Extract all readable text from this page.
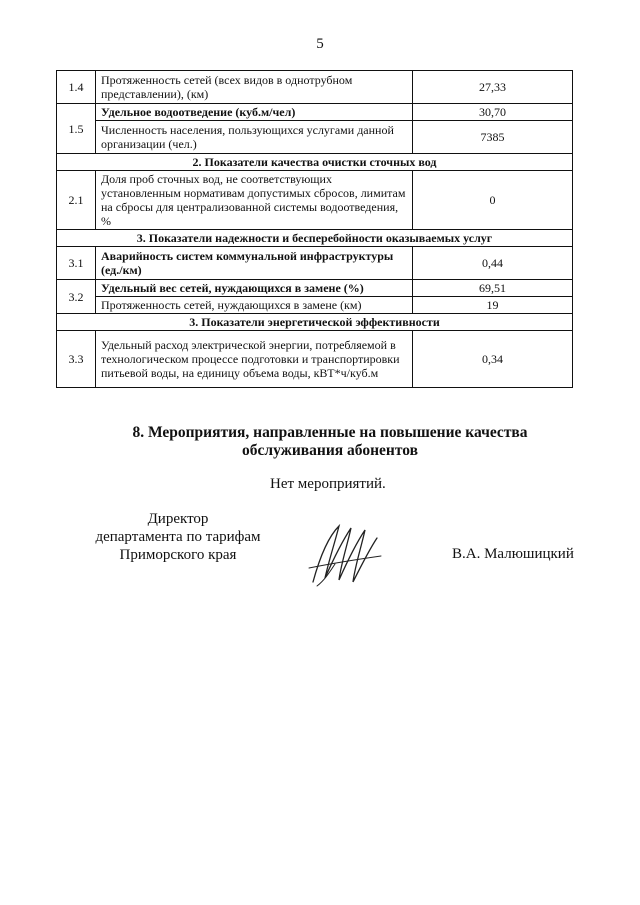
5
1.4	Протяженность сетей (всех видов в однотрубном представлении), (км)	27,33
1.5	Удельное водоотведение (куб.м/чел)	30,70
	Численность населения, пользующихся услугами данной организации (чел.)	7385
2. Показатели качества очистки сточных вод		
2.1	Доля проб сточных вод, не соответствующих установленным нормативам допустимых сбросов, лимитам на сбросы для централизованной системы водоотведения, %	0
3. Показатели надежности и бесперебойности оказываемых услуг		
3.1	Аварийность систем коммунальной инфраструктуры (ед./км)	0,44
3.2	Удельный вес сетей, нуждающихся в замене (%)	69,51
	Протяженность сетей, нуждающихся в замене (км)	19
3. Показатели энергетической эффективности		
3.3	Удельный расход электрической энергии, потребляемой в технологическом процессе подготовки и транспортировки питьевой воды, на единицу объема воды, кВТ*ч/куб.м	0,34
8. Мероприятия, направленные на повышение качества
обслуживания абонентов
Нет мероприятий.
Директор
департамента по тарифам
Приморского края	В.А. Малюшицкий
